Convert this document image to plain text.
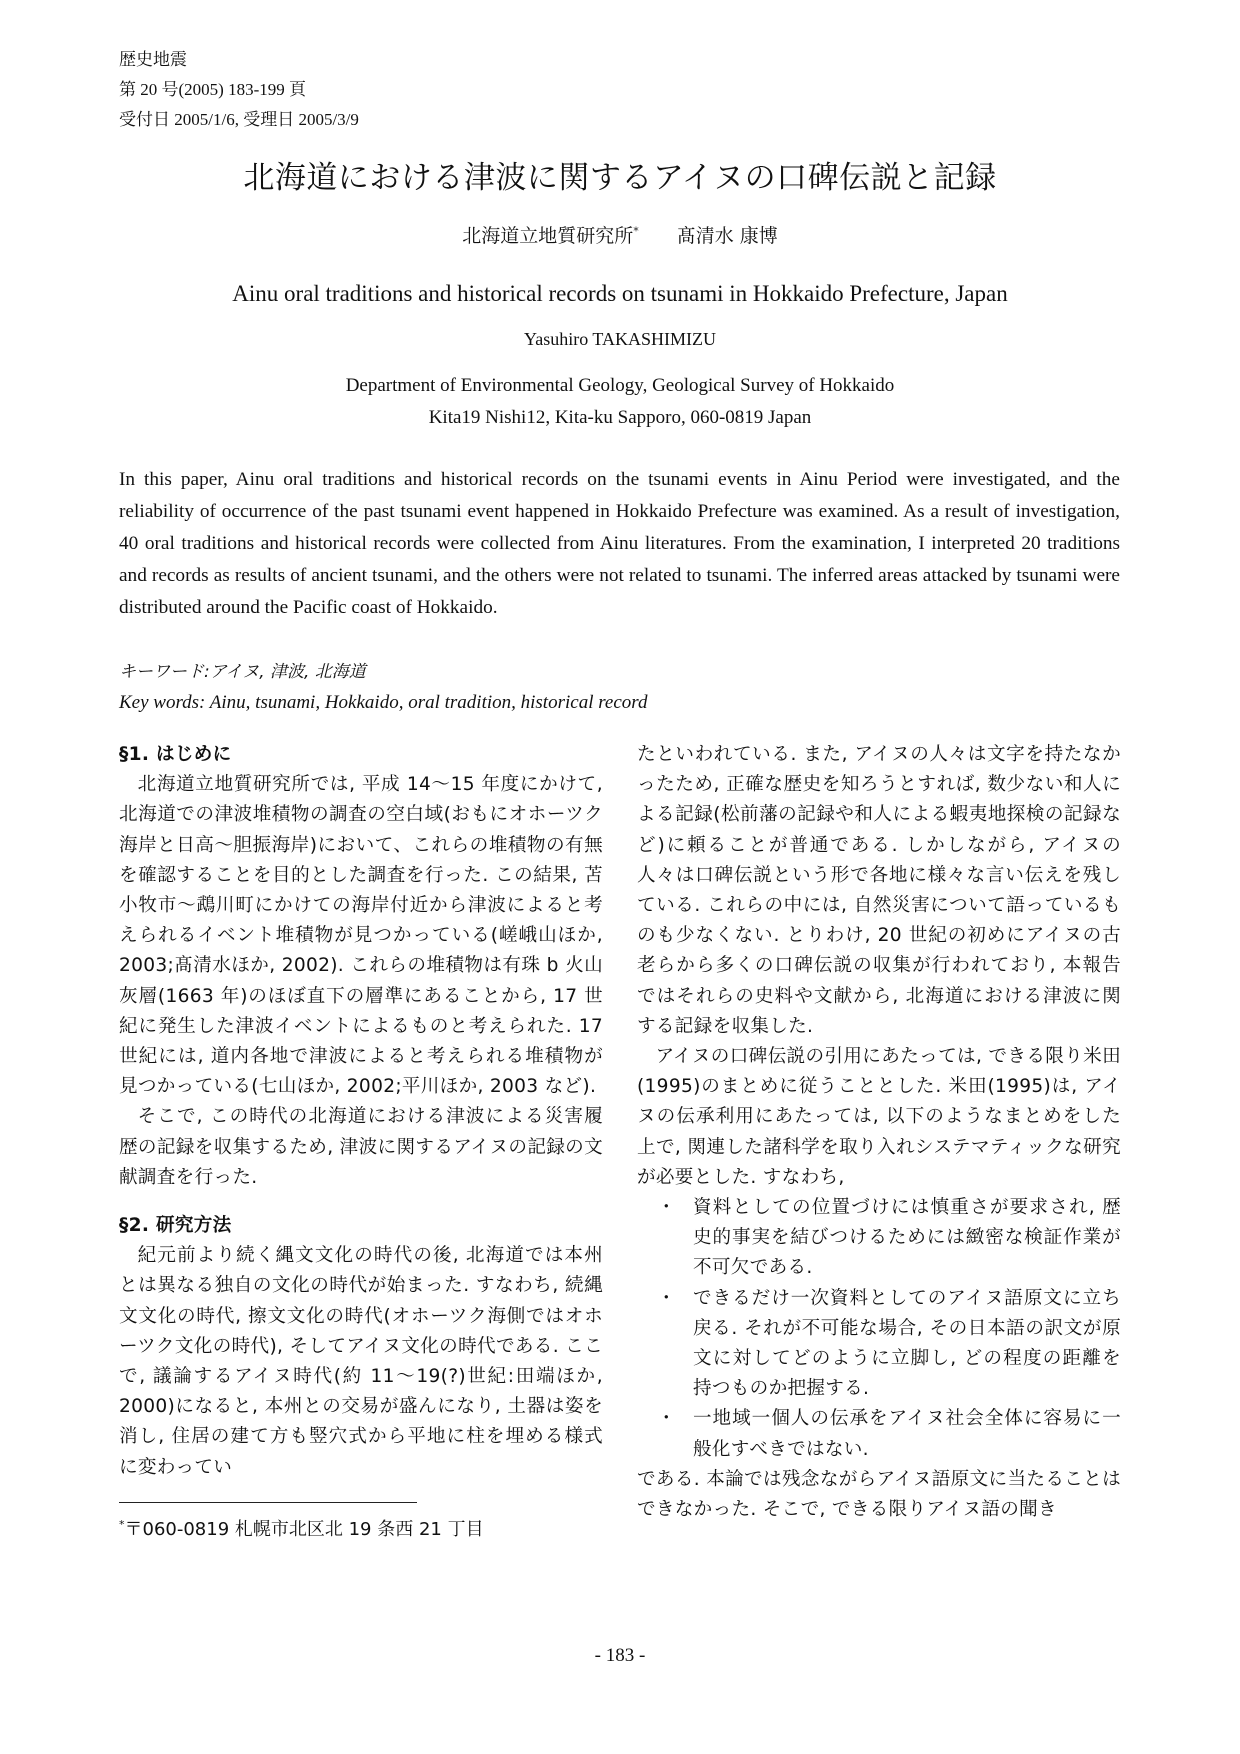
歴史地震
第 20 号(2005) 183-199 頁
受付日 2005/1/6, 受理日 2005/3/9
北海道における津波に関するアイヌの口碑伝説と記録
北海道立地質研究所* 髙清水 康博
Ainu oral traditions and historical records on tsunami in Hokkaido Prefecture, Japan
Yasuhiro TAKASHIMIZU
Department of Environmental Geology, Geological Survey of Hokkaido
Kita19 Nishi12, Kita-ku Sapporo, 060-0819 Japan
In this paper, Ainu oral traditions and historical records on the tsunami events in Ainu Period were investigated, and the reliability of occurrence of the past tsunami event happened in Hokkaido Prefecture was examined. As a result of investigation, 40 oral traditions and historical records were collected from Ainu literatures. From the examination, I interpreted 20 traditions and records as results of ancient tsunami, and the others were not related to tsunami. The inferred areas attacked by tsunami were distributed around the Pacific coast of Hokkaido.
キーワード:アイヌ, 津波, 北海道
Key words: Ainu, tsunami, Hokkaido, oral tradition, historical record
§1. はじめに

北海道立地質研究所では, 平成 14〜15 年度にかけて, 北海道での津波堆積物の調査の空白域(おもにオホーツク海岸と日高〜胆振海岸)において、これらの堆積物の有無を確認することを目的とした調査を行った. この結果, 苫小牧市〜鵡川町にかけての海岸付近から津波によると考えられるイベント堆積物が見つかっている(嵯峨山ほか, 2003;髙清水ほか, 2002). これらの堆積物は有珠 b 火山灰層(1663 年)のほぼ直下の層準にあることから, 17 世紀に発生した津波イベントによるものと考えられた. 17 世紀には, 道内各地で津波によると考えられる堆積物が見つかっている(七山ほか, 2002;平川ほか, 2003 など).

そこで, この時代の北海道における津波による災害履歴の記録を収集するため, 津波に関するアイヌの記録の文献調査を行った.

§2. 研究方法

紀元前より続く縄文文化の時代の後, 北海道では本州とは異なる独自の文化の時代が始まった. すなわち, 続縄文文化の時代, 擦文文化の時代(オホーツク海側ではオホーツク文化の時代), そしてアイヌ文化の時代である. ここで, 議論するアイヌ時代(約 11〜19(?)世紀:田端ほか, 2000)になると, 本州との交易が盛んになり, 土器は姿を消し, 住居の建て方も竪穴式から平地に柱を埋める様式に変わってい

たといわれている. また, アイヌの人々は文字を持たなかったため, 正確な歴史を知ろうとすれば, 数少ない和人による記録(松前藩の記録や和人による蝦夷地探検の記録など)に頼ることが普通である. しかしながら, アイヌの人々は口碑伝説という形で各地に様々な言い伝えを残している. これらの中には, 自然災害について語っているものも少なくない. とりわけ, 20 世紀の初めにアイヌの古老らから多くの口碑伝説の収集が行われており, 本報告ではそれらの史料や文献から, 北海道における津波に関する記録を収集した.

アイヌの口碑伝説の引用にあたっては, できる限り米田(1995)のまとめに従うこととした. 米田(1995)は, アイヌの伝承利用にあたっては, 以下のようなまとめをした上で, 関連した諸科学を取り入れシステマティックな研究が必要とした. すなわち,

・ 資料としての位置づけには慎重さが要求され, 歴史的事実を結びつけるためには緻密な検証作業が不可欠である.
・ できるだけ一次資料としてのアイヌ語原文に立ち戻る. それが不可能な場合, その日本語の訳文が原文に対してどのように立脚し, どの程度の距離を持つものか把握する.
・ 一地域一個人の伝承をアイヌ社会全体に容易に一般化すべきではない.

である. 本論では残念ながらアイヌ語原文に当たることはできなかった. そこで, できる限りアイヌ語の聞き

*〒060-0819 札幌市北区北 19 条西 21 丁目
- 183 -
